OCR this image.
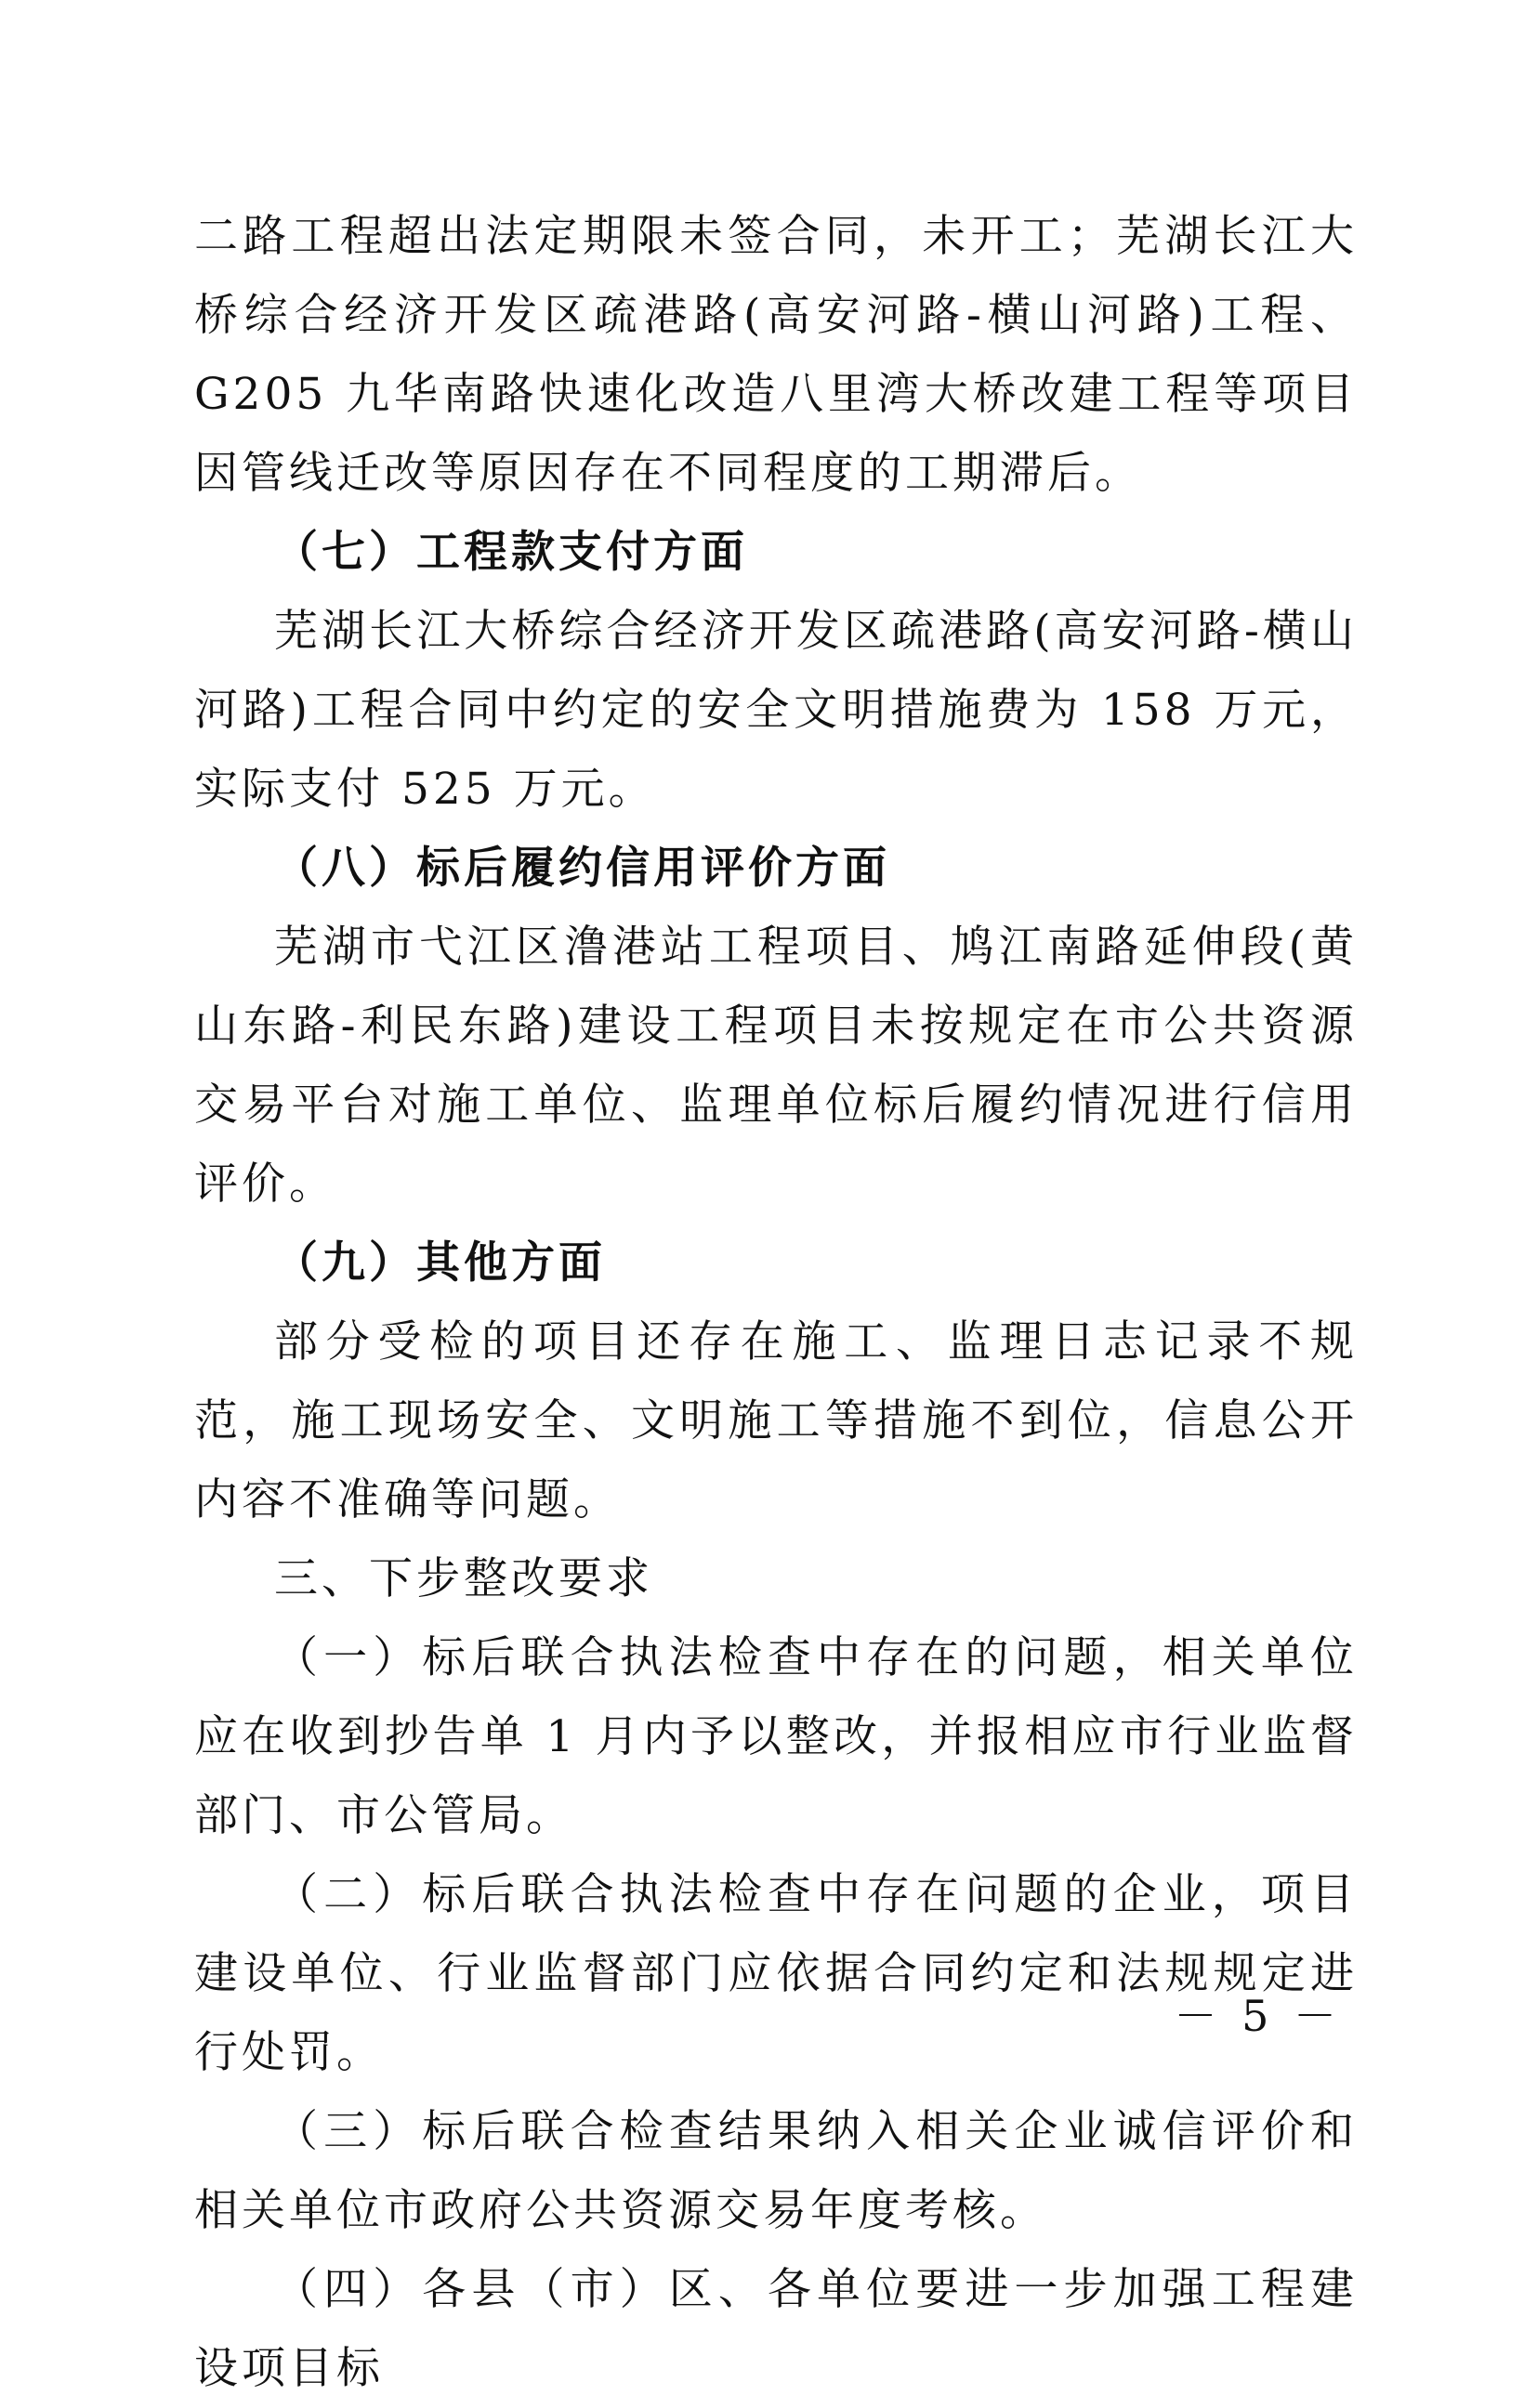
二路工程超出法定期限未签合同，未开工；芜湖长江大桥综合经济开发区疏港路(高安河路-横山河路)工程、G205 九华南路快速化改造八里湾大桥改建工程等项目因管线迁改等原因存在不同程度的工期滞后。

（七）工程款支付方面

芜湖长江大桥综合经济开发区疏港路(高安河路-横山河路)工程合同中约定的安全文明措施费为 158 万元，实际支付 525 万元。

（八）标后履约信用评价方面

芜湖市弋江区澛港站工程项目、鸠江南路延伸段(黄山东路-利民东路)建设工程项目未按规定在市公共资源交易平台对施工单位、监理单位标后履约情况进行信用评价。

（九）其他方面

部分受检的项目还存在施工、监理日志记录不规范，施工现场安全、文明施工等措施不到位，信息公开内容不准确等问题。

三、下步整改要求

（一）标后联合执法检查中存在的问题，相关单位应在收到抄告单 1 月内予以整改，并报相应市行业监督部门、市公管局。

（二）标后联合执法检查中存在问题的企业，项目建设单位、行业监督部门应依据合同约定和法规规定进行处罚。

（三）标后联合检查结果纳入相关企业诚信评价和相关单位市政府公共资源交易年度考核。

（四）各县（市）区、各单位要进一步加强工程建设项目标

－ 5 －
